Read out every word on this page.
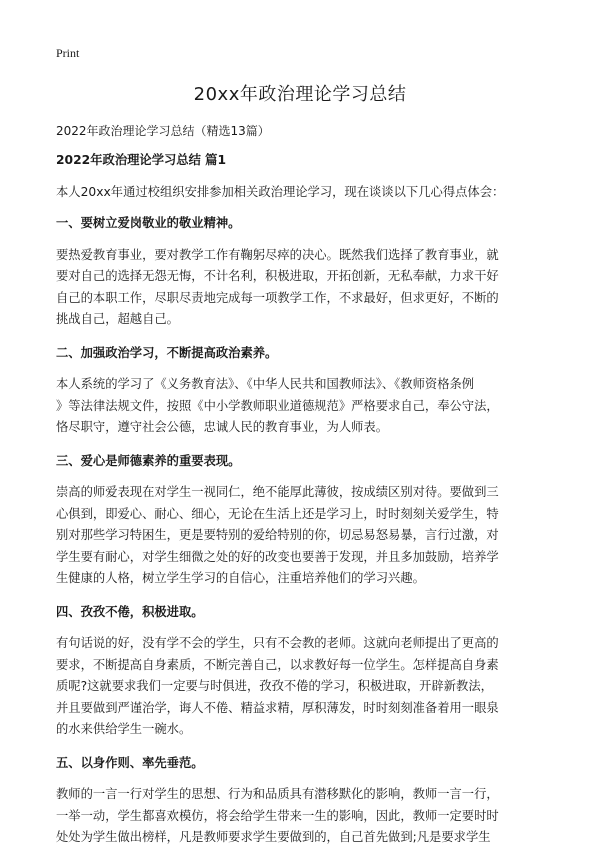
Print
20xx年政治理论学习总结
2022年政治理论学习总结（精选13篇）

2022年政治理论学习总结 篇1

本人20xx年通过校组织安排参加相关政治理论学习，现在谈谈以下几心得点体会：

一、要树立爱岗敬业的敬业精神。

要热爱教育事业，要对教学工作有鞠躬尽瘁的决心。既然我们选择了教育事业，就

要对自己的选择无怨无悔，不计名利，积极进取，开拓创新，无私奉献，力求干好

自己的本职工作，尽职尽责地完成每一项教学工作，不求最好，但求更好，不断的

挑战自己，超越自己。

二、加强政治学习，不断提高政治素养。

本人系统的学习了《义务教育法》、《中华人民共和国教师法》、《教师资格条例

》等法律法规文件，按照《中小学教师职业道德规范》严格要求自己，奉公守法，

恪尽职守，遵守社会公德，忠诚人民的教育事业，为人师表。

三、爱心是师德素养的重要表现。

崇高的师爱表现在对学生一视同仁，绝不能厚此薄彼，按成绩区别对待。要做到三

心俱到，即爱心、耐心、细心，无论在生活上还是学习上，时时刻刻关爱学生，特

别对那些学习特困生，更是要特别的爱给特别的你，切忌易怒易暴，言行过激，对

学生要有耐心，对学生细微之处的好的改变也要善于发现，并且多加鼓励，培养学

生健康的人格，树立学生学习的自信心，注重培养他们的学习兴趣。

四、孜孜不倦，积极进取。

有句话说的好，没有学不会的学生，只有不会教的老师。这就向老师提出了更高的

要求，不断提高自身素质，不断完善自己，以求教好每一位学生。怎样提高自身素

质呢?这就要求我们一定要与时俱进，孜孜不倦的学习，积极进取，开辟新教法，

并且要做到严谨治学，诲人不倦、精益求精，厚积薄发，时时刻刻准备着用一眼泉

的水来供给学生一碗水。

五、以身作则、率先垂范。

教师的一言一行对学生的思想、行为和品质具有潜移默化的影响，教师一言一行，

一举一动，学生都喜欢模仿，将会给学生带来一生的影响，因此，教师一定要时时

处处为学生做出榜样，凡是教师要求学生要做到的，自己首先做到;凡是要求学生
